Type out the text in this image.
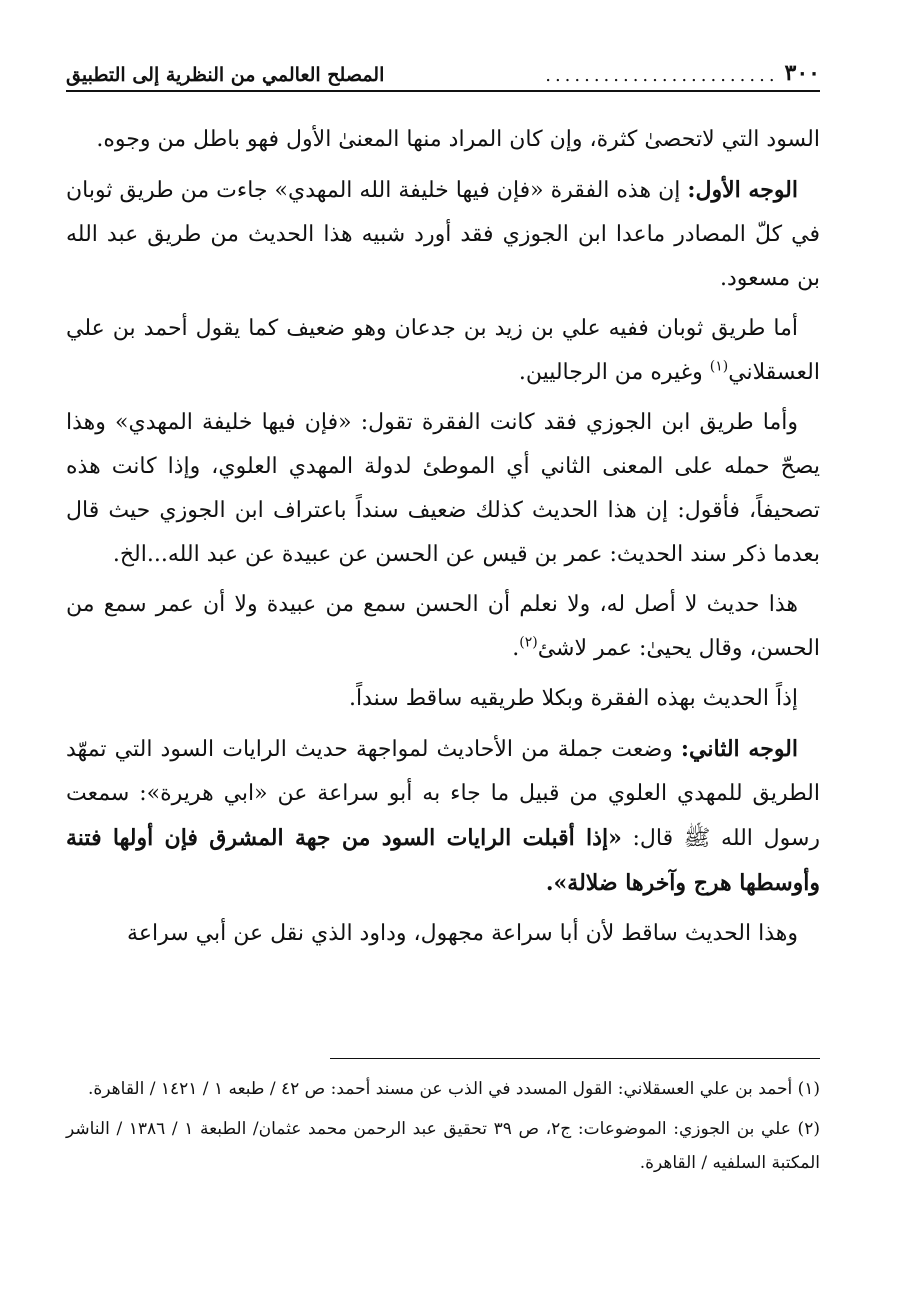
٣٠٠
........................
المصلح العالمي من النظرية إلى التطبيق

السود التي لاتحصىٰ كثرة، وإن كان المراد منها المعنىٰ الأول فهو باطل من وجوه.

الوجه الأول: إن هذه الفقرة «فإن فيها خليفة الله المهدي» جاءت من طريق ثوبان في كلّ المصادر ماعدا ابن الجوزي فقد أورد شبيه هذا الحديث من طريق عبد الله بن مسعود.

أما طريق ثوبان ففيه علي بن زيد بن جدعان وهو ضعيف كما يقول أحمد بن علي العسقلاني$^{(١)}$ وغيره من الرجاليين.

وأما طريق ابن الجوزي فقد كانت الفقرة تقول: «فإن فيها خليفة المهدي» وهذا يصحّ حمله على المعنى الثاني أي الموطئ لدولة المهدي العلوي، وإذا كانت هذه تصحيفاً، فأقول: إن هذا الحديث كذلك ضعيف سنداً باعتراف ابن الجوزي حيث قال بعدما ذكر سند الحديث: عمر بن قيس عن الحسن عن عبيدة عن عبد الله...الخ.

هذا حديث لا أصل له، ولا نعلم أن الحسن سمع من عبيدة ولا أن عمر سمع من الحسن، وقال يحيىٰ: عمر لاشئ$^{(٢)}$.

إذاً الحديث بهذه الفقرة وبكلا طريقيه ساقط سنداً.

الوجه الثاني: وضعت جملة من الأحاديث لمواجهة حديث الرايات السود التي تمهّد الطريق للمهدي العلوي من قبيل ما جاء به أبو سراعة عن «ابي هريرة»: سمعت رسول الله ﷺ قال: «إذا أقبلت الرايات السود من جهة المشرق فإن أولها فتنة وأوسطها هرج وآخرها ضلالة».

وهذا الحديث ساقط لأن أبا سراعة مجهول، وداود الذي نقل عن أبي سراعة

(١) أحمد بن علي العسقلاني: القول المسدد في الذب عن مسند أحمد: ص ٤٢ / طبعه ١ / ١٤٢١ / القاهرة.

(٢) علي بن الجوزي: الموضوعات: ج٢، ص ٣٩ تحقيق عبد الرحمن محمد عثمان/ الطبعة ١ / ١٣٨٦ / الناشر المكتبة السلفيه / القاهرة.
